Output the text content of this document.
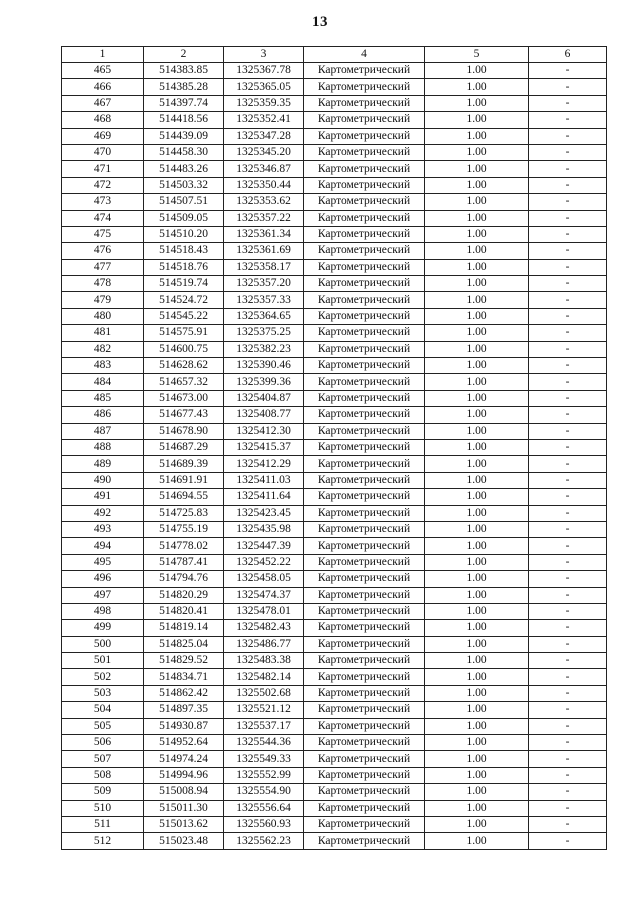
13
1	2	3	4	5	6
465	514383.85	1325367.78	Картометрический	1.00	-
466	514385.28	1325365.05	Картометрический	1.00	-
467	514397.74	1325359.35	Картометрический	1.00	-
468	514418.56	1325352.41	Картометрический	1.00	-
469	514439.09	1325347.28	Картометрический	1.00	-
470	514458.30	1325345.20	Картометрический	1.00	-
471	514483.26	1325346.87	Картометрический	1.00	-
472	514503.32	1325350.44	Картометрический	1.00	-
473	514507.51	1325353.62	Картометрический	1.00	-
474	514509.05	1325357.22	Картометрический	1.00	-
475	514510.20	1325361.34	Картометрический	1.00	-
476	514518.43	1325361.69	Картометрический	1.00	-
477	514518.76	1325358.17	Картометрический	1.00	-
478	514519.74	1325357.20	Картометрический	1.00	-
479	514524.72	1325357.33	Картометрический	1.00	-
480	514545.22	1325364.65	Картометрический	1.00	-
481	514575.91	1325375.25	Картометрический	1.00	-
482	514600.75	1325382.23	Картометрический	1.00	-
483	514628.62	1325390.46	Картометрический	1.00	-
484	514657.32	1325399.36	Картометрический	1.00	-
485	514673.00	1325404.87	Картометрический	1.00	-
486	514677.43	1325408.77	Картометрический	1.00	-
487	514678.90	1325412.30	Картометрический	1.00	-
488	514687.29	1325415.37	Картометрический	1.00	-
489	514689.39	1325412.29	Картометрический	1.00	-
490	514691.91	1325411.03	Картометрический	1.00	-
491	514694.55	1325411.64	Картометрический	1.00	-
492	514725.83	1325423.45	Картометрический	1.00	-
493	514755.19	1325435.98	Картометрический	1.00	-
494	514778.02	1325447.39	Картометрический	1.00	-
495	514787.41	1325452.22	Картометрический	1.00	-
496	514794.76	1325458.05	Картометрический	1.00	-
497	514820.29	1325474.37	Картометрический	1.00	-
498	514820.41	1325478.01	Картометрический	1.00	-
499	514819.14	1325482.43	Картометрический	1.00	-
500	514825.04	1325486.77	Картометрический	1.00	-
501	514829.52	1325483.38	Картометрический	1.00	-
502	514834.71	1325482.14	Картометрический	1.00	-
503	514862.42	1325502.68	Картометрический	1.00	-
504	514897.35	1325521.12	Картометрический	1.00	-
505	514930.87	1325537.17	Картометрический	1.00	-
506	514952.64	1325544.36	Картометрический	1.00	-
507	514974.24	1325549.33	Картометрический	1.00	-
508	514994.96	1325552.99	Картометрический	1.00	-
509	515008.94	1325554.90	Картометрический	1.00	-
510	515011.30	1325556.64	Картометрический	1.00	-
511	515013.62	1325560.93	Картометрический	1.00	-
512	515023.48	1325562.23	Картометрический	1.00	-
